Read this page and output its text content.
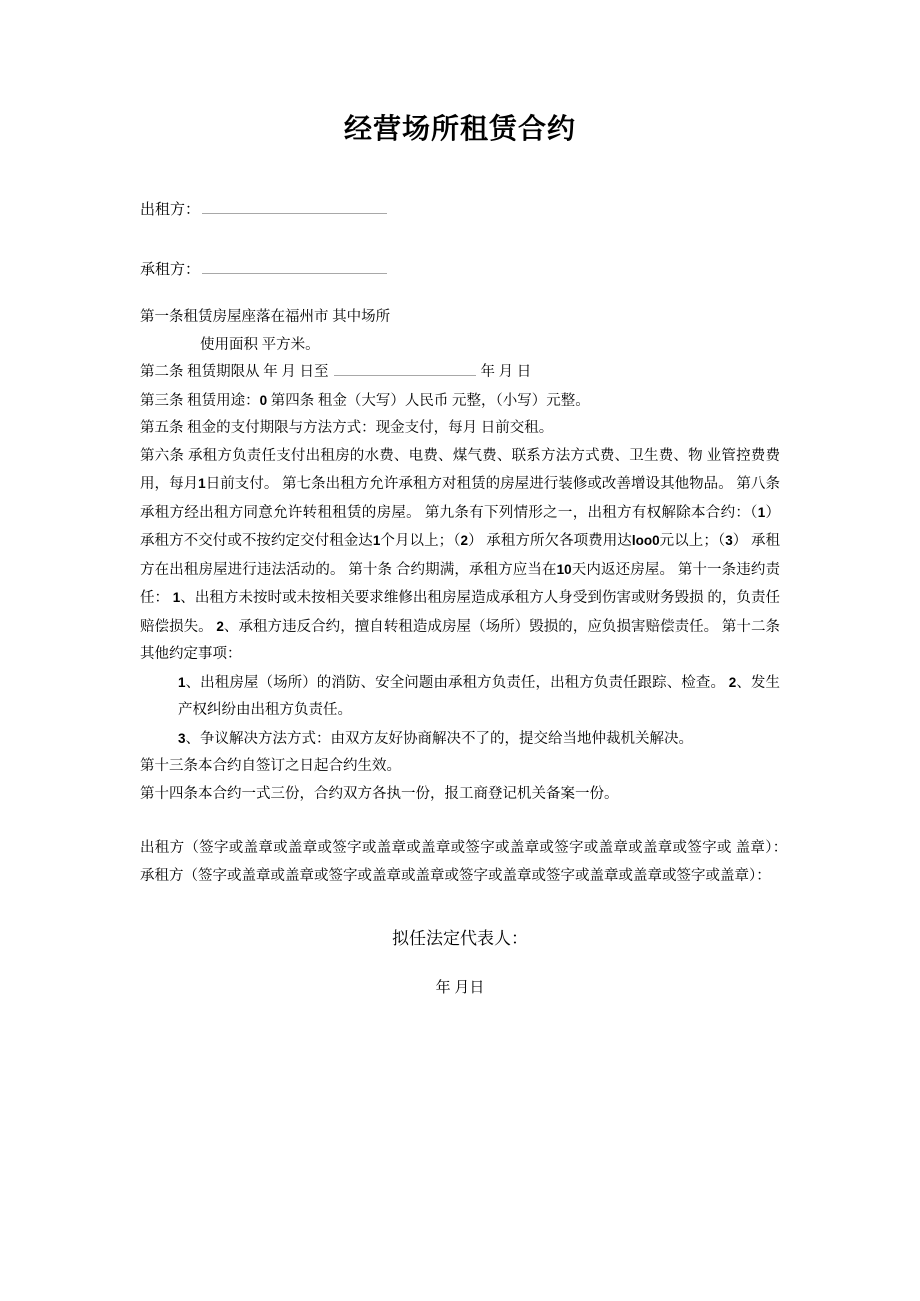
经营场所租赁合约

出租方：

承租方：

第一条租赁房屋座落在福州市 其中场所

使用面积 平方米。

第二条 租赁期限从 年 月 日至	年 月 日

第三条 租赁用途：0 第四条 租金（大写）人民币 元整，（小写）元整。

第五条 租金的支付期限与方法方式：现金支付，每月 日前交租。

第六条 承租方负责任支付出租房的水费、电费、煤气费、联系方法方式费、卫生费、物 业管控费费用，每月1日前支付。 第七条出租方允许承租方对租赁的房屋进行装修或改善增设其他物品。 第八条承租方经出租方同意允许转租租赁的房屋。 第九条有下列情形之一，出租方有权解除本合约：（1） 承租方不交付或不按约定交付租金达1个月以上；（2） 承租方所欠各项费用达loo0元以上；（3） 承租方在出租房屋进行违法活动的。 第十条 合约期满，承租方应当在10天内返还房屋。 第十一条违约责任： 1、出租方未按时或未按相关要求维修出租房屋造成承租方人身受到伤害或财务毁损 的，负责任赔偿损失。 2、承租方违反合约，擅自转租造成房屋（场所）毁损的，应负损害赔偿责任。 第十二条其他约定事项：

1、出租房屋（场所）的消防、安全问题由承租方负责任，出租方负责任跟踪、检查。 2、发生产权纠纷由出租方负责任。

3、争议解决方法方式：由双方友好协商解决不了的，提交给当地仲裁机关解决。

第十三条本合约自签订之日起合约生效。

第十四条本合约一式三份，合约双方各执一份，报工商登记机关备案一份。

出租方（签字或盖章或盖章或签字或盖章或盖章或签字或盖章或签字或盖章或盖章或签字或 盖章）：　　　　　承租方（签字或盖章或盖章或签字或盖章或盖章或签字或盖章或签字或盖章或盖章或签字或盖章）：

拟任法定代表人：

年 月日
